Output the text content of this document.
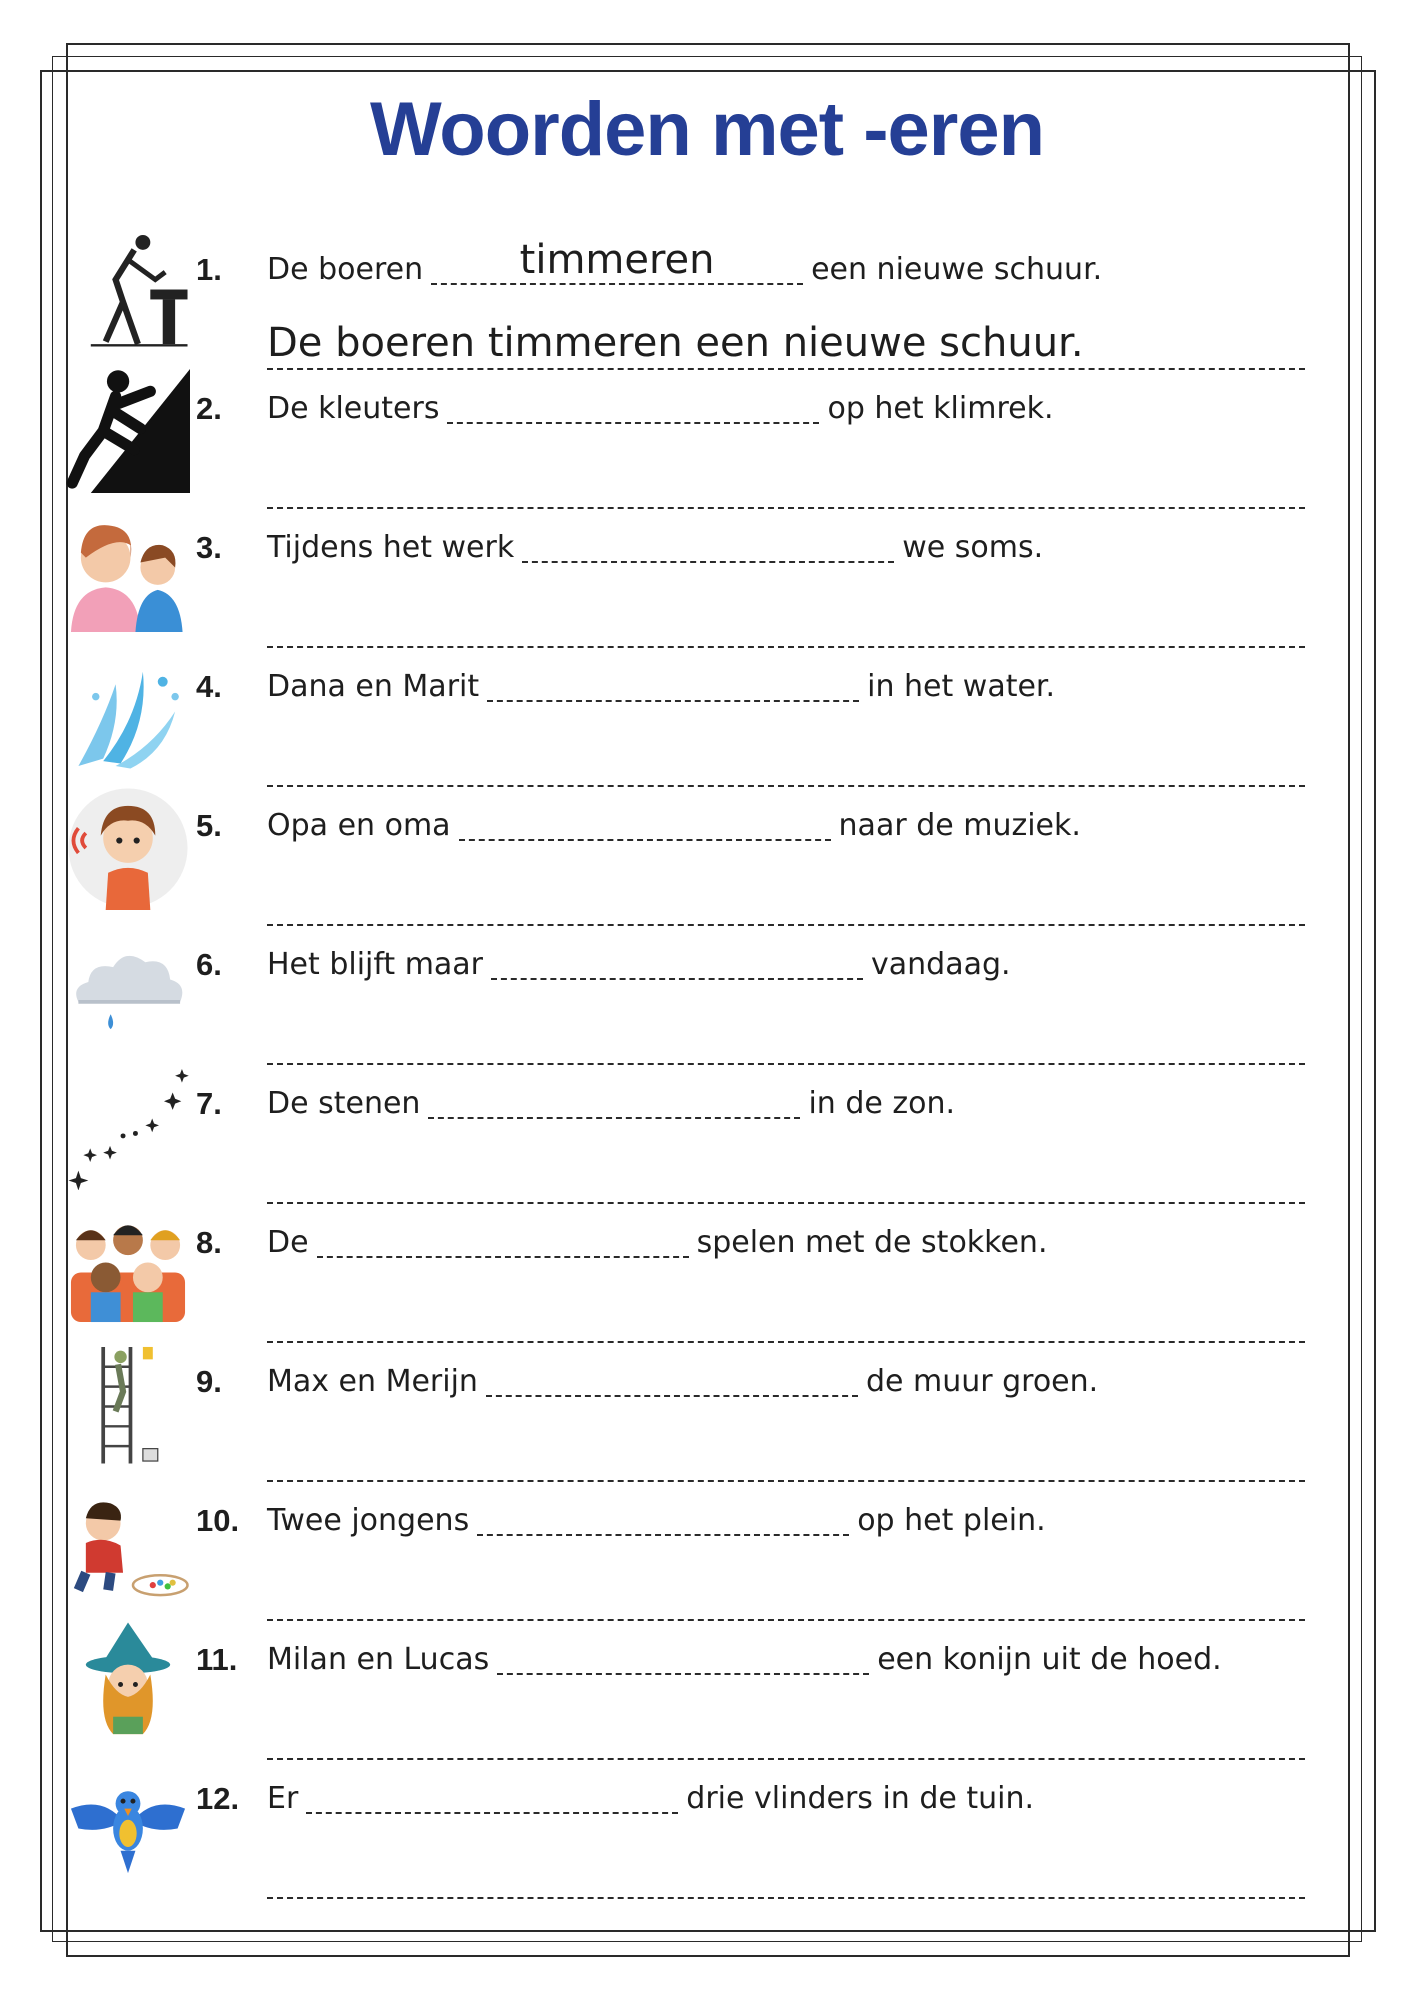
Woorden met -eren
1.	De boeren	timmeren	een nieuwe schuur.
De boeren timmeren een nieuwe schuur.
2.	De kleuters	op het klimrek.
3.	Tijdens het werk	we soms.
4.	Dana en Marit	in het water.
5.	Opa en oma	naar de muziek.
6.	Het blijft maar	vandaag.
7.	De stenen	in de zon.
8.	De	spelen met de stokken.
9.	Max en Merijn	de muur groen.
10. Twee jongens	op het plein.
11. Milan en Lucas	een konijn uit de hoed.
12. Er	drie vlinders in de tuin.
